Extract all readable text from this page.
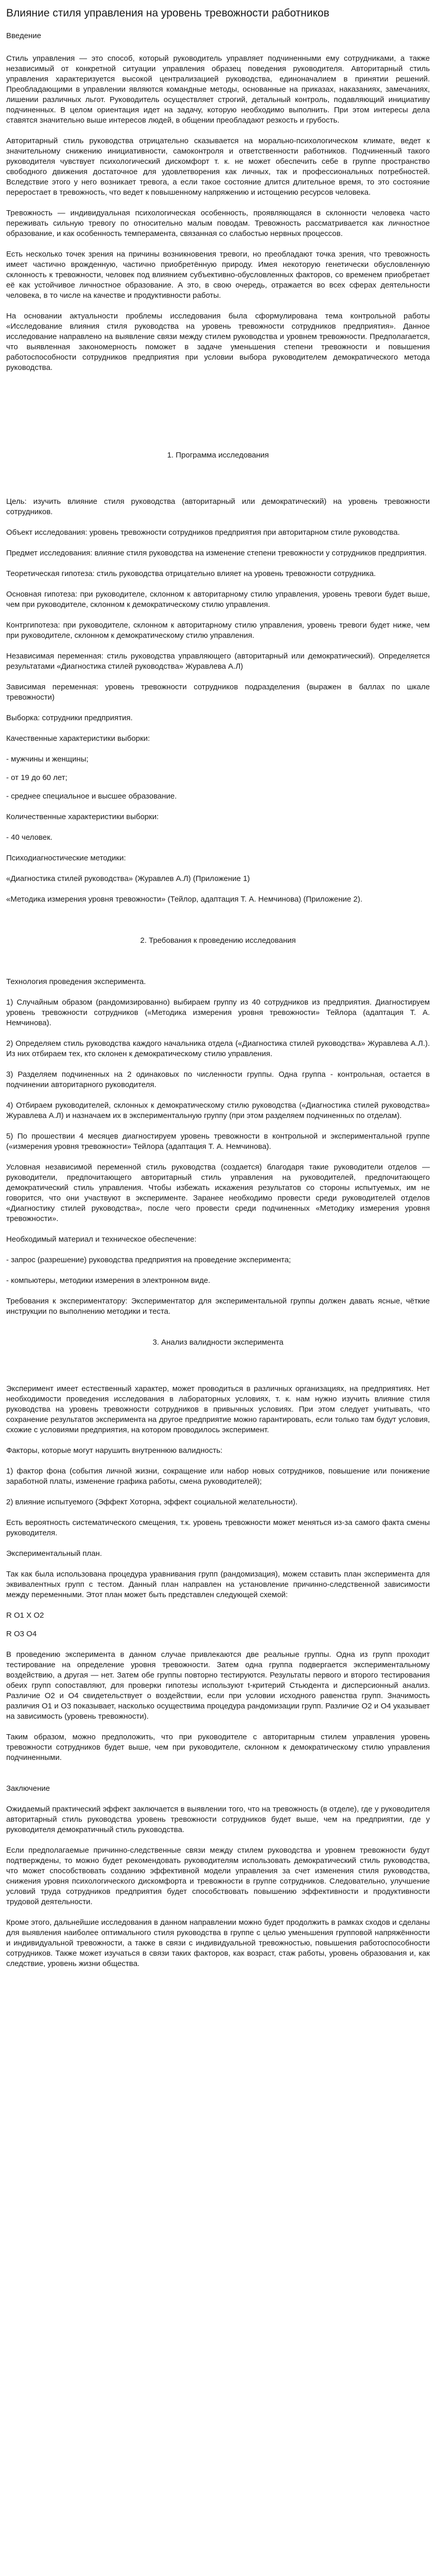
Влияние стиля управления на уровень тревожности работников
Введение

Стиль управления — это способ, который руководитель управляет подчиненными ему сотрудниками, а также независимый от конкретной ситуации управления образец поведения руководителя. Авторитарный стиль управления характеризуется высокой централизацией руководства, единоначалием в принятии решений. Преобладающими в управлении являются командные методы, основанные на приказах, наказаниях, замечаниях, лишении различных льгот. Руководитель осуществляет строгий, детальный контроль, подавляющий инициативу подчиненных. В целом ориентация идет на задачу, которую необходимо выполнить. При этом интересы дела ставятся значительно выше интересов людей, в общении преобладают резкость и грубость.

Авторитарный стиль руководства отрицательно сказывается на морально-психологическом климате, ведет к значительному снижению инициативности, самоконтроля и ответственности работников. Подчиненный такого руководителя чувствует психологический дискомфорт т. к. не может обеспечить себе в группе пространство свободного движения достаточное для удовлетворения как личных, так и профессиональных потребностей. Вследствие этого у него возникает тревога, а если такое состояние длится длительное время, то это состояние переростает в тревожность, что ведет к повышенному напряжению и истощению ресурсов человека.

Тревожность — индивидуальная психологическая особенность, проявляющаяся в склонности человека часто переживать сильную тревогу по относительно малым поводам. Тревожность рассматривается как личностное образование, и как особенность темперамента, связанная со слабостью нервных процессов.

Есть несколько точек зрения на причины возникновения тревоги, но преобладают точка зрения, что тревожность имеет частично врожденную, частично приобретённую природу. Имея некоторую генетически обусловленную склонность к тревожности, человек под влиянием субъективно-обусловленных факторов, со временем приобретает её как устойчивое личностное образование. А это, в свою очередь, отражается во всех сферах деятельности человека, в то числе на качестве и продуктивности работы.

На основании актуальности проблемы исследования была сформулирована тема контрольной работы «Исследование влияния стиля руководства на уровень тревожности сотрудников предприятия». Данное исследование направлено на выявление связи между стилем руководства и уровнем тревожности. Предполагается, что выявленная закономерность поможет в задаче уменьшения степени тревожности и повышения работоспособности сотрудников предприятия при условии выбора руководителем демократического метода руководства.

1. Программа исследования
Цель: изучить влияние стиля руководства (авторитарный или демократический) на уровень тревожности сотрудников.
Объект исследования: уровень тревожности сотрудников предприятия при авторитарном стиле руководства.
Предмет исследования: влияние стиля руководства на изменение степени тревожности у сотрудников предприятия.
Теоретическая гипотеза: стиль руководства отрицательно влияет на уровень тревожности сотрудника.
Основная гипотеза: при руководителе, склонном к авторитарному стилю управления, уровень тревоги будет выше, чем при руководителе, склонном к демократическому стилю управления.
Контргипотеза: при руководителе, склонном к авторитарному стилю управления, уровень тревоги будет ниже, чем при руководителе, склонном к демократическому стилю управления.
Независимая переменная: стиль руководства управляющего (авторитарный или демократический). Определяется результатами «Диагностика стилей руководства» Журавлева А.Л)
Зависимая переменная: уровень тревожности сотрудников подразделения (выражен в баллах по шкале тревожности)
Выборка: сотрудники предприятия.
Качественные характеристики выборки:
- мужчины и женщины;
- от 19 до 60 лет;
- среднее специальное и высшее образование.
Количественные характеристики выборки:
- 40 человек.
Психодиагностические методики:
«Диагностика стилей руководства» (Журавлев А.Л) (Приложение 1)
«Методика измерения уровня тревожности» (Тейлор, адаптация Т. А. Немчинова) (Приложение 2).
2. Требования к проведению исследования
Технология проведения эксперимента.
1) Случайным образом (рандомизированно) выбираем группу из 40 сотрудников из предприятия. Диагностируем уровень тревожности сотрудников («Методика измерения уровня тревожности» Тейлора (адаптация Т. А. Немчинова).
2) Определяем стиль руководства каждого начальника отдела («Диагностика стилей руководства» Журавлева А.Л.). Из них отбираем тех, кто склонен к демократическому стилю управления.
3) Разделяем подчиненных на 2 одинаковых по численности группы. Одна группа - контрольная, остается в подчинении авторитарного руководителя.
4) Отбираем руководителей, склонных к демократическому стилю руководства («Диагностика стилей руководства» Журавлева А.Л) и назначаем их в экспериментальную группу (при этом разделяем подчиненных по отделам).
5) По прошествии 4 месяцев диагностируем уровень тревожности в контрольной и экспериментальной группе («измерения уровня тревожности» Тейлора (адаптация Т. А. Немчинова).
Условная независимой переменной стиль руководства (создается) благодаря такие руководители отделов — руководители, предпочитающего авторитарный стиль управления на руководителей, предпочитающего демократический стиль управления. Чтобы избежать искажения результатов со стороны испытуемых, им не говорится, что они участвуют в эксперименте. Заранее необходимо провести среди руководителей отделов «Диагностику стилей руководства», после чего провести среди подчиненных «Методику измерения уровня тревожности».
Необходимый материал и техническое обеспечение:
- запрос (разрешение) руководства предприятия на проведение эксперимента;
- компьютеры, методики измерения в электронном виде.
Требования к экспериментатору: Экспериментатор для экспериментальной группы должен давать ясные, чёткие инструкции по выполнению методики и теста.
3. Анализ валидности эксперимента
Эксперимент имеет естественный характер, может проводиться в различных организациях, на предприятиях. Нет необходимости проведения исследования в лабораторных условиях, т. к. нам нужно изучить влияние стиля руководства на уровень тревожности сотрудников в привычных условиях. При этом следует учитывать, что сохранение результатов эксперимента на другое предприятие можно гарантировать, если только там будут условия, схожие с условиями предприятия, на котором проводилось эксперимент.
Факторы, которые могут нарушить внутреннюю валидность:
1) фактор фона (события личной жизни, сокращение или набор новых сотрудников, повышение или понижение заработной платы, изменение графика работы, смена руководителей);
2) влияние испытуемого (Эффект Хоторна, эффект социальной желательности).
Есть вероятность систематического смещения, т.к. уровень тревожности может меняться из-за самого факта смены руководителя.
Экспериментальный план.
Так как была использована процедура уравнивания групп (рандомизация), можем сставить план эксперимента для эквивалентных групп с тестом. Данный план направлен на установление причинно-следственной зависимости между переменными. Этот план может быть представлен следующей схемой:
R O1 X O2
R O3 O4
В проведению эксперимента в данном случае привлекаются две реальные группы. Одна из групп проходит тестирование на определение уровня тревожности. Затем одна группа подвергается экспериментальному воздействию, а другая — нет. Затем обе группы повторно тестируются. Результаты первого и второго тестирования обеих групп сопоставляют, для проверки гипотезы используют t-критерий Стьюдента и дисперсионный анализ. Различие O2 и O4 свидетельствует о воздействии, если при условии исходного равенства групп. Значимость различия O1 и O3 показывает, насколько осуществима процедура рандомизации групп. Различие O2 и O4 указывает на зависимость (уровень тревожности).
Таким образом, можно предположить, что при руководителе с авторитарным стилем управления уровень тревожности сотрудников будет выше, чем при руководителе, склонном к демократическому стилю управления подчиненными.
Заключение

Ожидаемый практический эффект заключается в выявлении того, что на тревожность (в отделе), где у руководителя авторитарный стиль руководства уровень тревожности сотрудников будет выше, чем на предприятии, где у руководителя демократичный стиль руководства.

Если предполагаемые причинно-следственные связи между стилем руководства и уровнем тревожности будут подтверждены, то можно будет рекомендовать руководителям использовать демократический стиль руководства, что может способствовать созданию эффективной модели управления за счет изменения стиля руководства, снижения уровня психологического дискомфорта и тревожности в группе сотрудников. Следовательно, улучшение условий труда сотрудников предприятия будет способствовать повышению эффективности и продуктивности трудовой деятельности.

Кроме этого, дальнейшие исследования в данном направлении можно будет продолжить в рамках сходов и сделаны для выявления наиболее оптимального стиля руководства в группе с целью уменьшения групповой напряжённости и индивидуальной тревожности, а также в связи с индивидуальной тревожностью, повышения работоспособности сотрудников. Также может изучаться в связи таких факторов, как возраст, стаж работы, уровень образования и, как следствие, уровень жизни общества.
